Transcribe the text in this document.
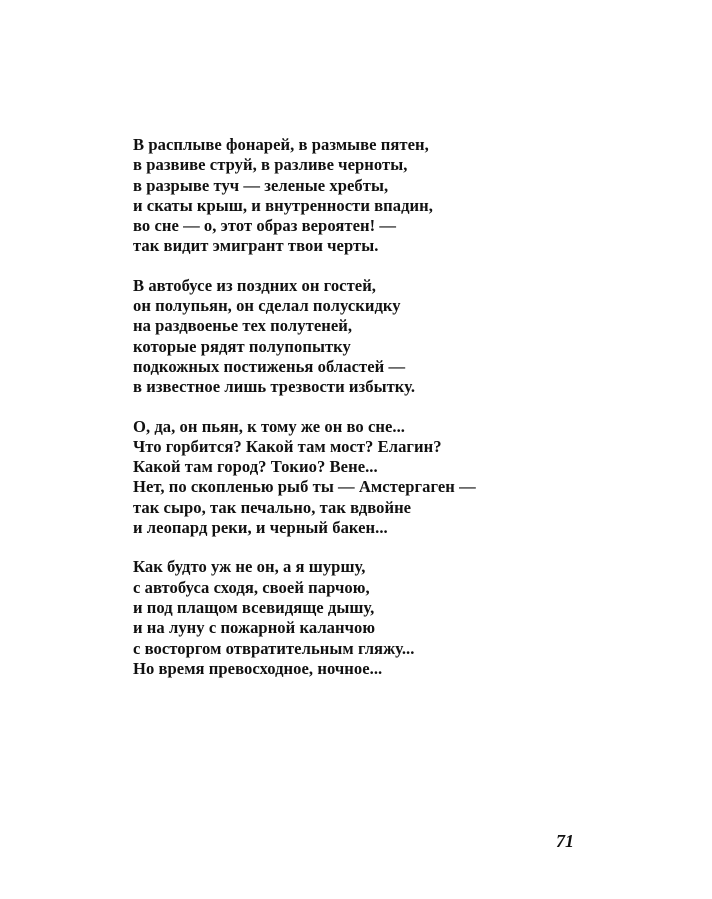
В расплыве фонарей, в размыве пятен,
в развиве струй, в разливе черноты,
в разрыве туч — зеленые хребты,
и скаты крыш, и внутренности впадин,
во сне — о, этот образ вероятен! —
так видит эмигрант твои черты.
В автобусе из поздних он гостей,
он полупьян, он сделал полускидку
на раздвоенье тех полутеней,
которые рядят полупопытку
подкожных постиженья областей —
в известное лишь трезвости избытку.
О, да, он пьян, к тому же он во сне...
Что горбится? Какой там мост? Елагин?
Какой там город? Токио? Вене...
Нет, по скопленью рыб ты — Амстергаген —
так сыро, так печально, так вдвойне
и леопард реки, и черный бакен...
Как будто уж не он, а я шуршу,
с автобуса сходя, своей парчою,
и под плащом всевидяще дышу,
и на луну с пожарной каланчою
с восторгом отвратительным гляжу...
Но время превосходное, ночное...
71
